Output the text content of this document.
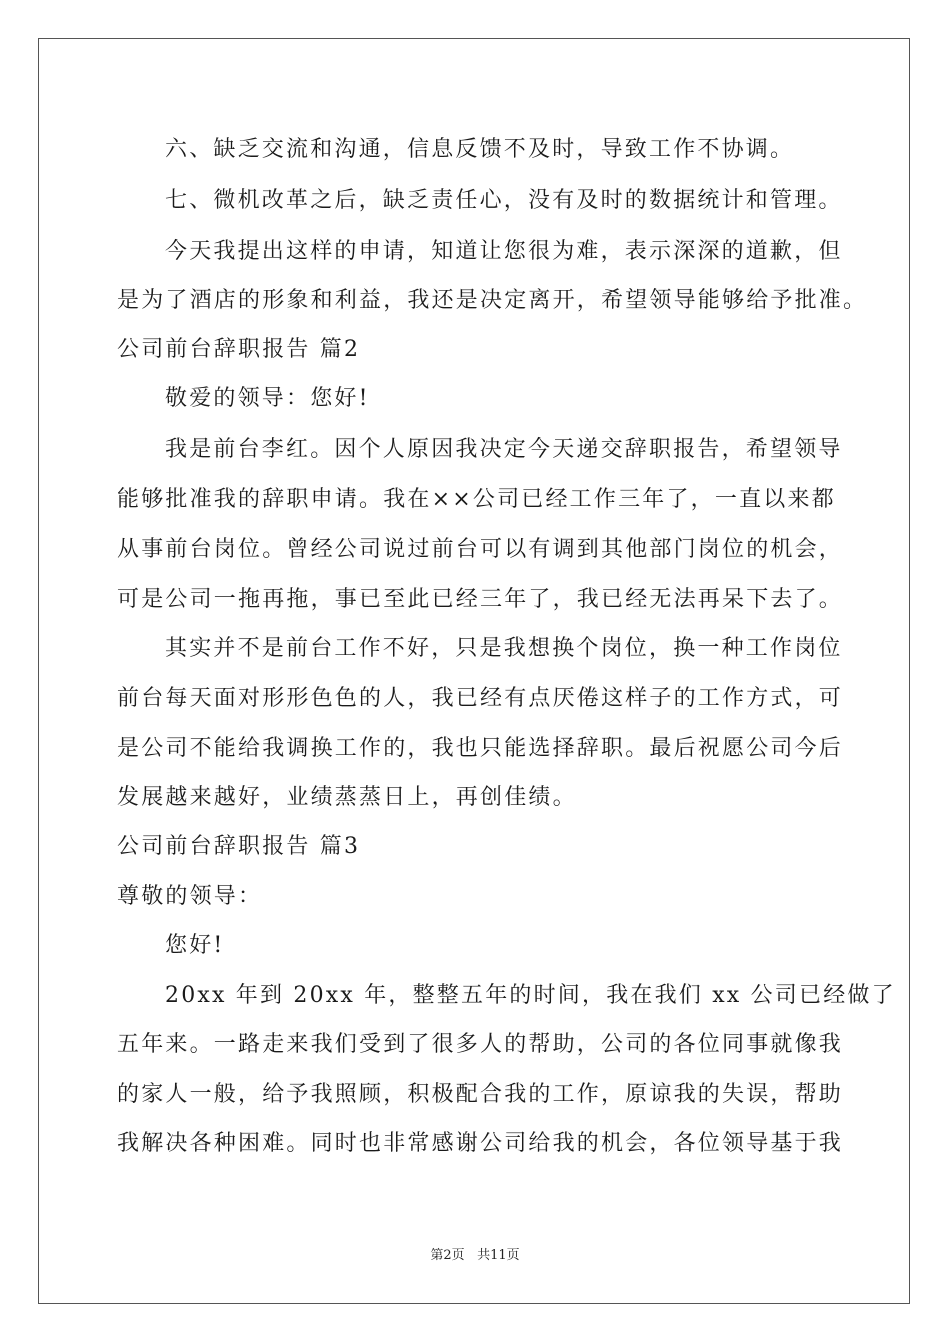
六、缺乏交流和沟通，信息反馈不及时，导致工作不协调。
七、微机改革之后，缺乏责任心，没有及时的数据统计和管理。
今天我提出这样的申请，知道让您很为难，表示深深的道歉，但
是为了酒店的形象和利益，我还是决定离开，希望领导能够给予批准。
公司前台辞职报告 篇2
敬爱的领导：您好!
我是前台李红。因个人原因我决定今天递交辞职报告，希望领导
能够批准我的辞职申请。我在××公司已经工作三年了，一直以来都
从事前台岗位。曾经公司说过前台可以有调到其他部门岗位的机会，
可是公司一拖再拖，事已至此已经三年了，我已经无法再呆下去了。
其实并不是前台工作不好，只是我想换个岗位，换一种工作岗位
前台每天面对形形色色的人，我已经有点厌倦这样子的工作方式，可
是公司不能给我调换工作的，我也只能选择辞职。最后祝愿公司今后
发展越来越好，业绩蒸蒸日上，再创佳绩。
公司前台辞职报告 篇3
尊敬的领导：
您好!
20xx 年到 20xx 年，整整五年的时间，我在我们 xx 公司已经做了
五年来。一路走来我们受到了很多人的帮助，公司的各位同事就像我
的家人一般，给予我照顾，积极配合我的工作，原谅我的失误，帮助
我解决各种困难。同时也非常感谢公司给我的机会，各位领导基于我
第2页 共11页
